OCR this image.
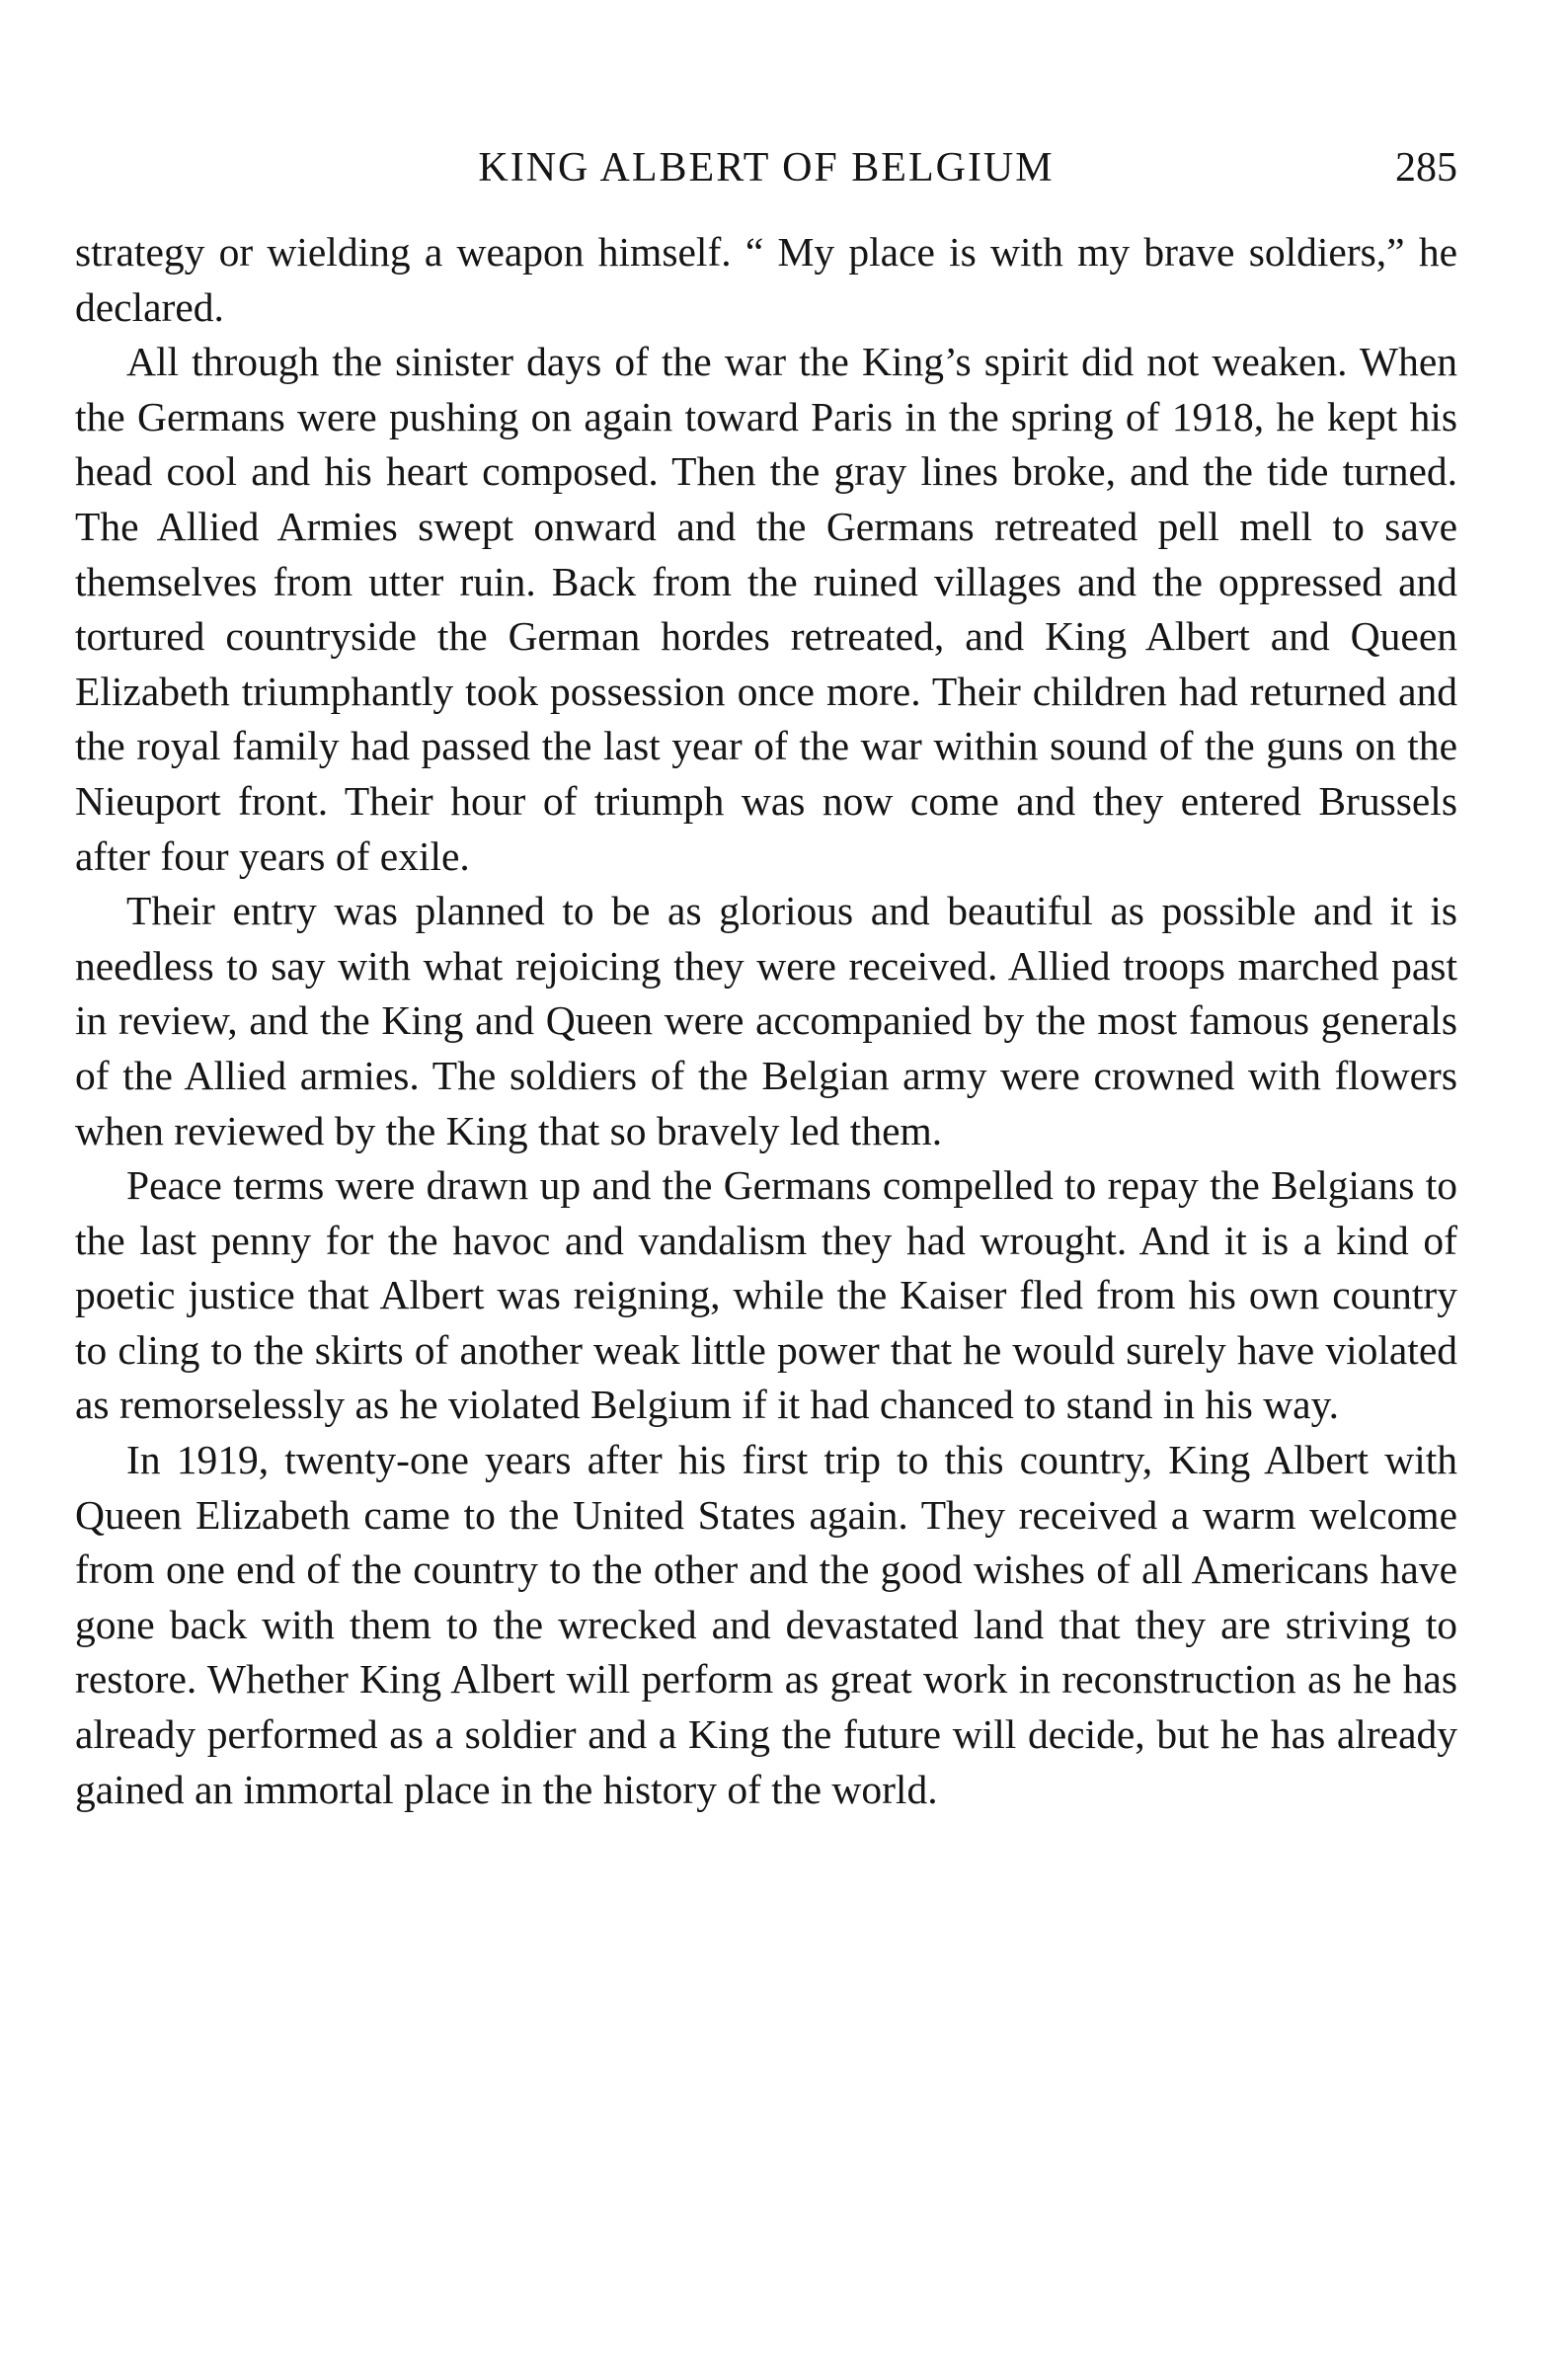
KING ALBERT OF BELGIUM	285

strategy or wielding a weapon himself. “ My place is with my brave soldiers,” he declared.

All through the sinister days of the war the King’s spirit did not weaken. When the Germans were pushing on again toward Paris in the spring of 1918, he kept his head cool and his heart composed. Then the gray lines broke, and the tide turned. The Allied Armies swept onward and the Germans retreated pell mell to save themselves from utter ruin. Back from the ruined villages and the oppressed and tortured countryside the German hordes retreated, and King Albert and Queen Elizabeth triumphantly took possession once more. Their children had returned and the royal family had passed the last year of the war within sound of the guns on the Nieuport front. Their hour of triumph was now come and they entered Brussels after four years of exile.

Their entry was planned to be as glorious and beautiful as possible and it is needless to say with what rejoicing they were received. Allied troops marched past in review, and the King and Queen were accompanied by the most famous generals of the Allied armies. The soldiers of the Belgian army were crowned with flowers when reviewed by the King that so bravely led them.

Peace terms were drawn up and the Germans compelled to repay the Belgians to the last penny for the havoc and vandalism they had wrought. And it is a kind of poetic justice that Albert was reigning, while the Kaiser fled from his own country to cling to the skirts of another weak little power that he would surely have violated as remorselessly as he violated Belgium if it had chanced to stand in his way.

In 1919, twenty-one years after his first trip to this country, King Albert with Queen Elizabeth came to the United States again. They received a warm welcome from one end of the country to the other and the good wishes of all Americans have gone back with them to the wrecked and devastated land that they are striving to restore. Whether King Albert will perform as great work in reconstruction as he has already performed as a soldier and a King the future will decide, but he has already gained an immortal place in the history of the world.
